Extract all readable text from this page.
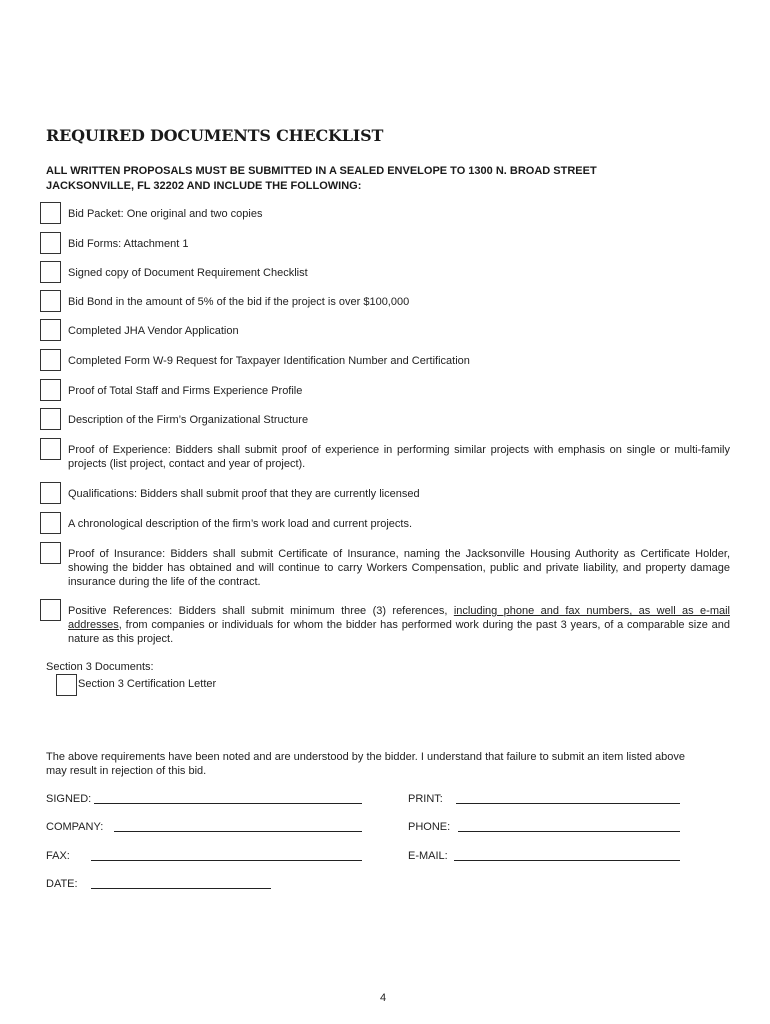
REQUIRED DOCUMENTS CHECKLIST
ALL WRITTEN PROPOSALS MUST BE SUBMITTED IN A SEALED ENVELOPE TO 1300 N. BROAD STREET JACKSONVILLE, FL 32202 AND INCLUDE THE FOLLOWING:
Bid Packet: One original and two copies
Bid Forms: Attachment 1
Signed copy of Document Requirement Checklist
Bid Bond in the amount of 5% of the bid if the project is over $100,000
Completed JHA Vendor Application
Completed Form W-9 Request for Taxpayer Identification Number and Certification
Proof of Total Staff and Firms Experience Profile
Description of the Firm’s Organizational Structure
Proof of Experience: Bidders shall submit proof of experience in performing similar projects with emphasis on single or multi-family projects (list project, contact and year of project).
Qualifications: Bidders shall submit proof that they are currently licensed
A chronological description of the firm’s work load and current projects.
Proof of Insurance: Bidders shall submit Certificate of Insurance, naming the Jacksonville Housing Authority as Certificate Holder, showing the bidder has obtained and will continue to carry Workers Compensation, public and private liability, and property damage insurance during the life of the contract.
Positive References: Bidders shall submit minimum three (3) references, including phone and fax numbers, as well as e-mail addresses, from companies or individuals for whom the bidder has performed work during the past 3 years, of a comparable size and nature as this project.
Section 3 Documents:
Section 3 Certification Letter
The above requirements have been noted and are understood by the bidder. I understand that failure to submit an item listed above may result in rejection of this bid.
SIGNED:	PRINT:
COMPANY:	PHONE:
FAX:	E-MAIL:
DATE:
4
